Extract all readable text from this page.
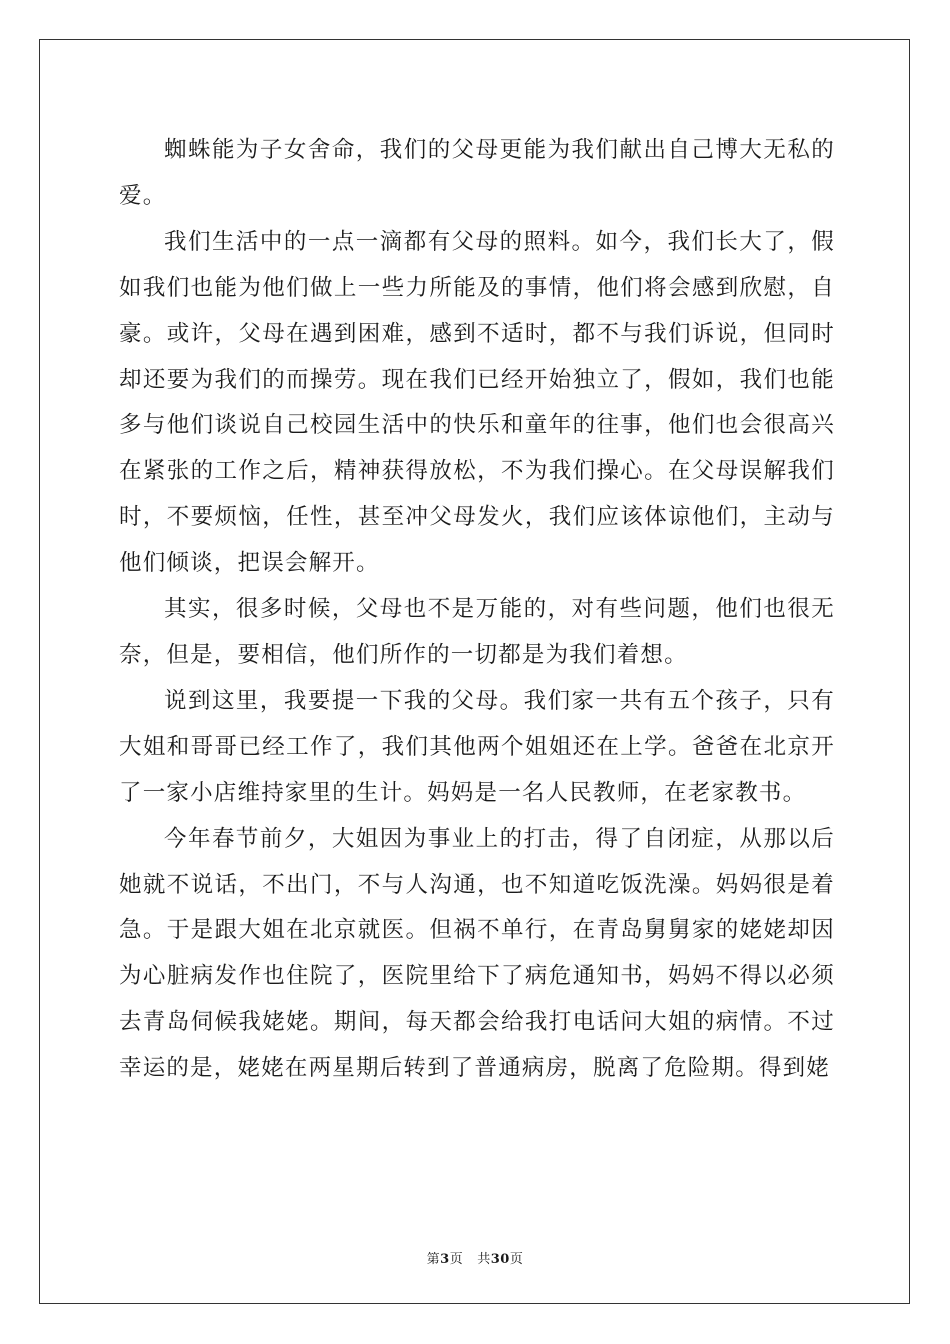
蜘蛛能为子女舍命，我们的父母更能为我们献出自己博大无私的爱。

我们生活中的一点一滴都有父母的照料。如今，我们长大了，假如我们也能为他们做上一些力所能及的事情，他们将会感到欣慰，自豪。或许，父母在遇到困难，感到不适时，都不与我们诉说，但同时却还要为我们的而操劳。现在我们已经开始独立了，假如，我们也能多与他们谈说自己校园生活中的快乐和童年的往事，他们也会很高兴在紧张的工作之后，精神获得放松，不为我们操心。在父母误解我们时，不要烦恼，任性，甚至冲父母发火，我们应该体谅他们，主动与他们倾谈，把误会解开。

其实，很多时候，父母也不是万能的，对有些问题，他们也很无奈，但是，要相信，他们所作的一切都是为我们着想。

说到这里，我要提一下我的父母。我们家一共有五个孩子，只有大姐和哥哥已经工作了，我们其他两个姐姐还在上学。爸爸在北京开了一家小店维持家里的生计。妈妈是一名人民教师，在老家教书。

今年春节前夕，大姐因为事业上的打击，得了自闭症，从那以后她就不说话，不出门，不与人沟通，也不知道吃饭洗澡。妈妈很是着急。于是跟大姐在北京就医。但祸不单行，在青岛舅舅家的姥姥却因为心脏病发作也住院了，医院里给下了病危通知书，妈妈不得以必须去青岛伺候我姥姥。期间，每天都会给我打电话问大姐的病情。不过幸运的是，姥姥在两星期后转到了普通病房，脱离了危险期。得到姥

第3页 共30页
